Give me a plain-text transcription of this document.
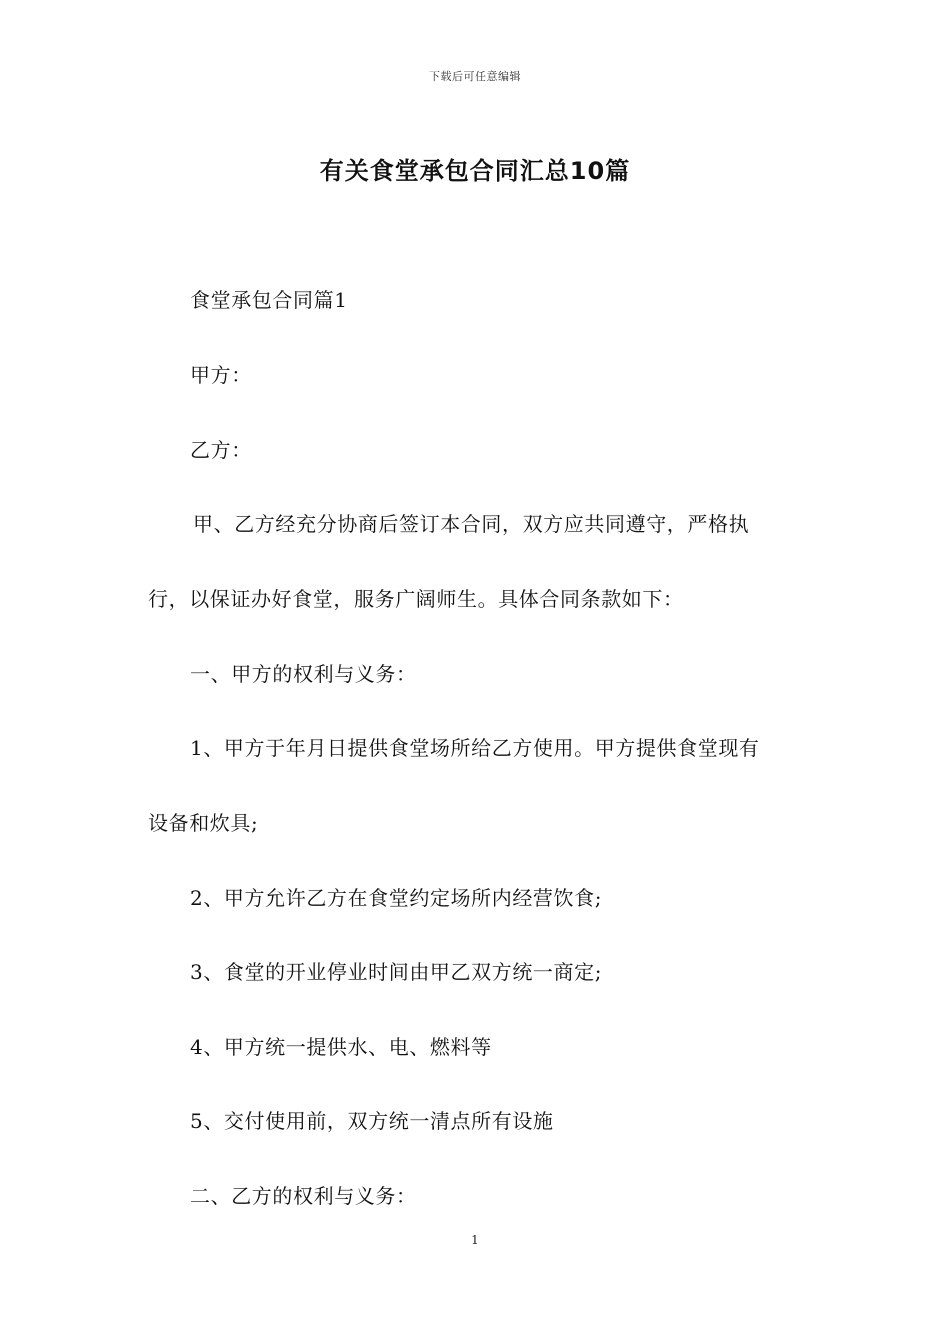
下载后可任意编辑
有关食堂承包合同汇总10篇
食堂承包合同篇1
甲方：
乙方：
甲、乙方经充分协商后签订本合同，双方应共同遵守，严格执
行，以保证办好食堂，服务广阔师生。具体合同条款如下：
一、甲方的权利与义务：
1、甲方于年月日提供食堂场所给乙方使用。甲方提供食堂现有
设备和炊具;
2、甲方允许乙方在食堂约定场所内经营饮食;
3、食堂的开业停业时间由甲乙双方统一商定;
4、甲方统一提供水、电、燃料等
5、交付使用前，双方统一清点所有设施
二、乙方的权利与义务：
1
